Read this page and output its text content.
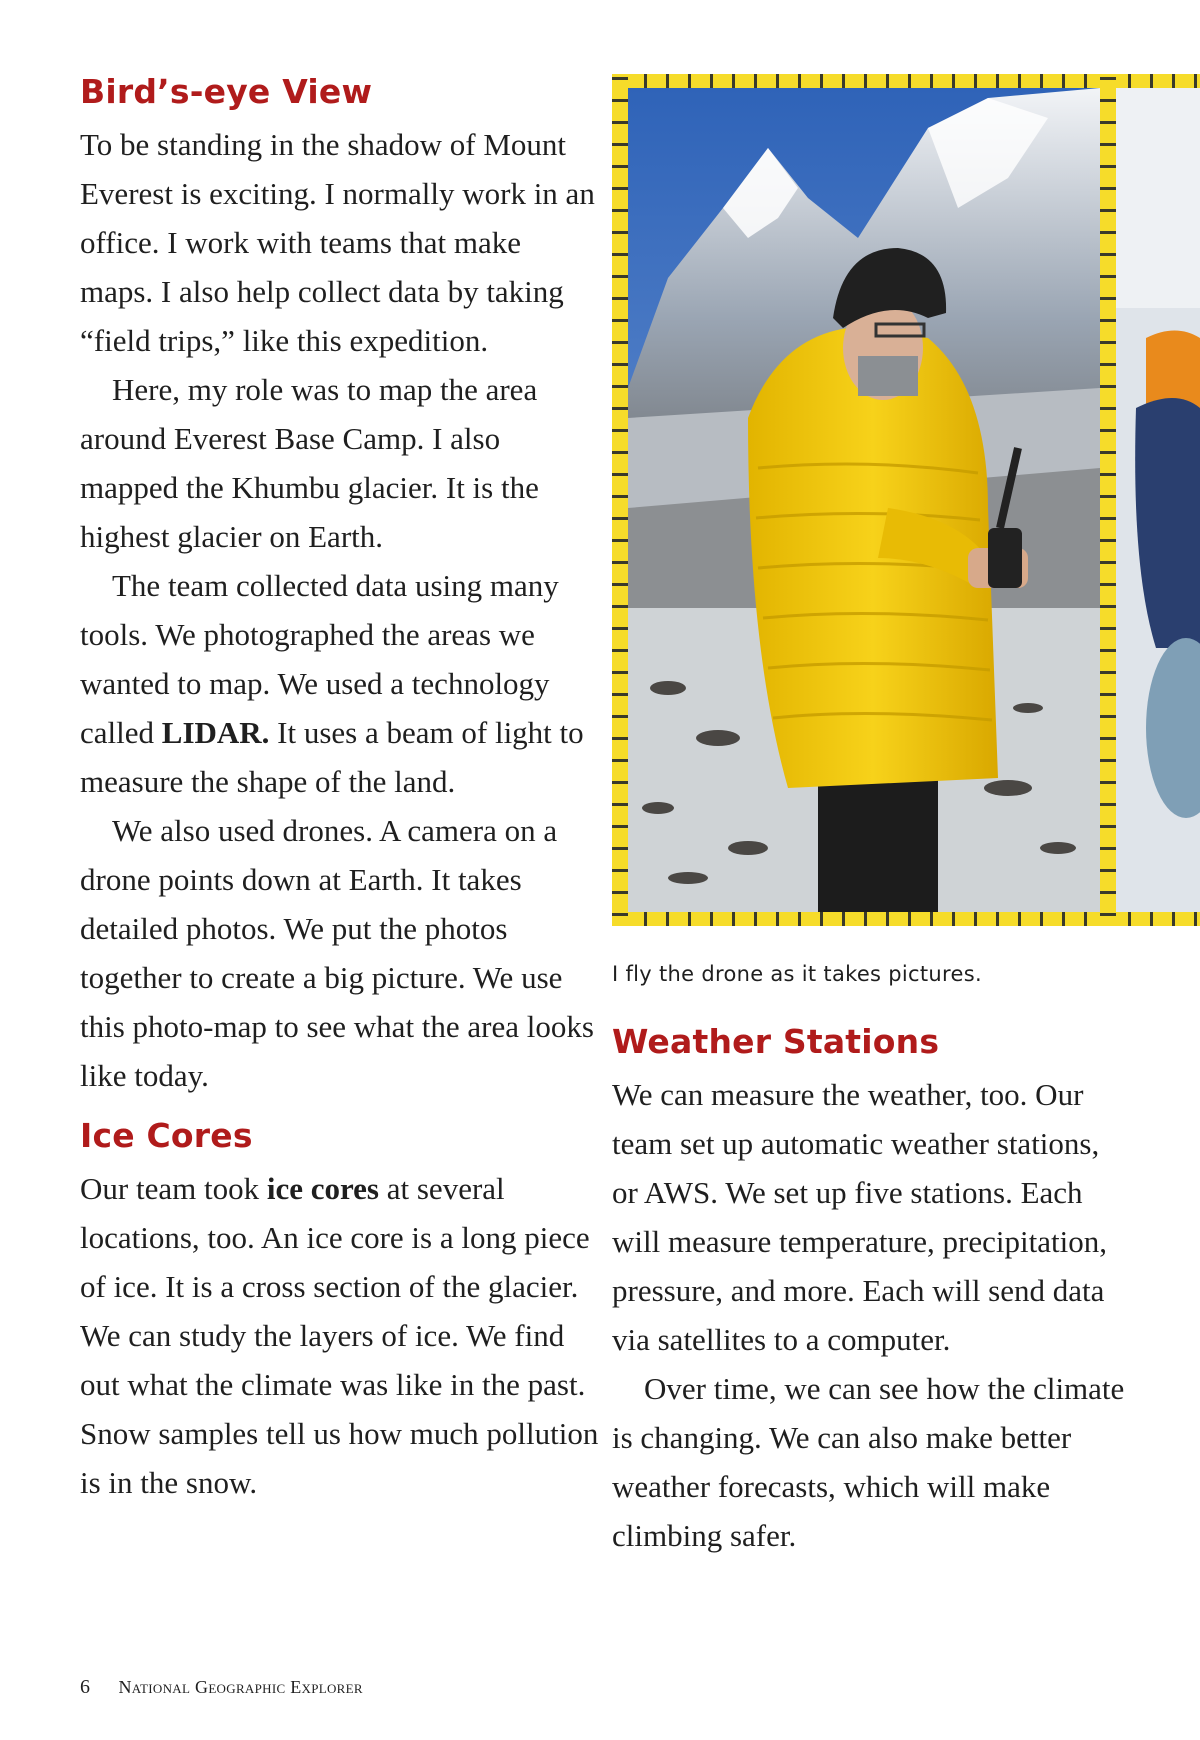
Bird’s-eye View

To be standing in the shadow of Mount Everest is exciting. I normally work in an office. I work with teams that make maps. I also help collect data by taking “field trips,” like this expedition.

Here, my role was to map the area around Everest Base Camp. I also mapped the Khumbu glacier. It is the highest glacier on Earth.

The team collected data using many tools. We photographed the areas we wanted to map. We used a technology called LIDAR. It uses a beam of light to measure the shape of the land.

We also used drones. A camera on a drone points down at Earth. It takes detailed photos. We put the photos together to create a big picture. We use this photo-map to see what the area looks like today.

Ice Cores

Our team took ice cores at several locations, too. An ice core is a long piece of ice. It is a cross section of the glacier. We can study the layers of ice. We find out what the climate was like in the past. Snow samples tell us how much pollution is in the snow.

I fly the drone as it takes pictures.
Weather Stations

We can measure the weather, too. Our team set up automatic weather stations, or AWS. We set up five stations. Each will measure temperature, precipitation, pressure, and more. Each will send data via satellites to a computer.

Over time, we can see how the climate is changing. We can also make better weather forecasts, which will make climbing safer.

6 National Geographic Explorer
